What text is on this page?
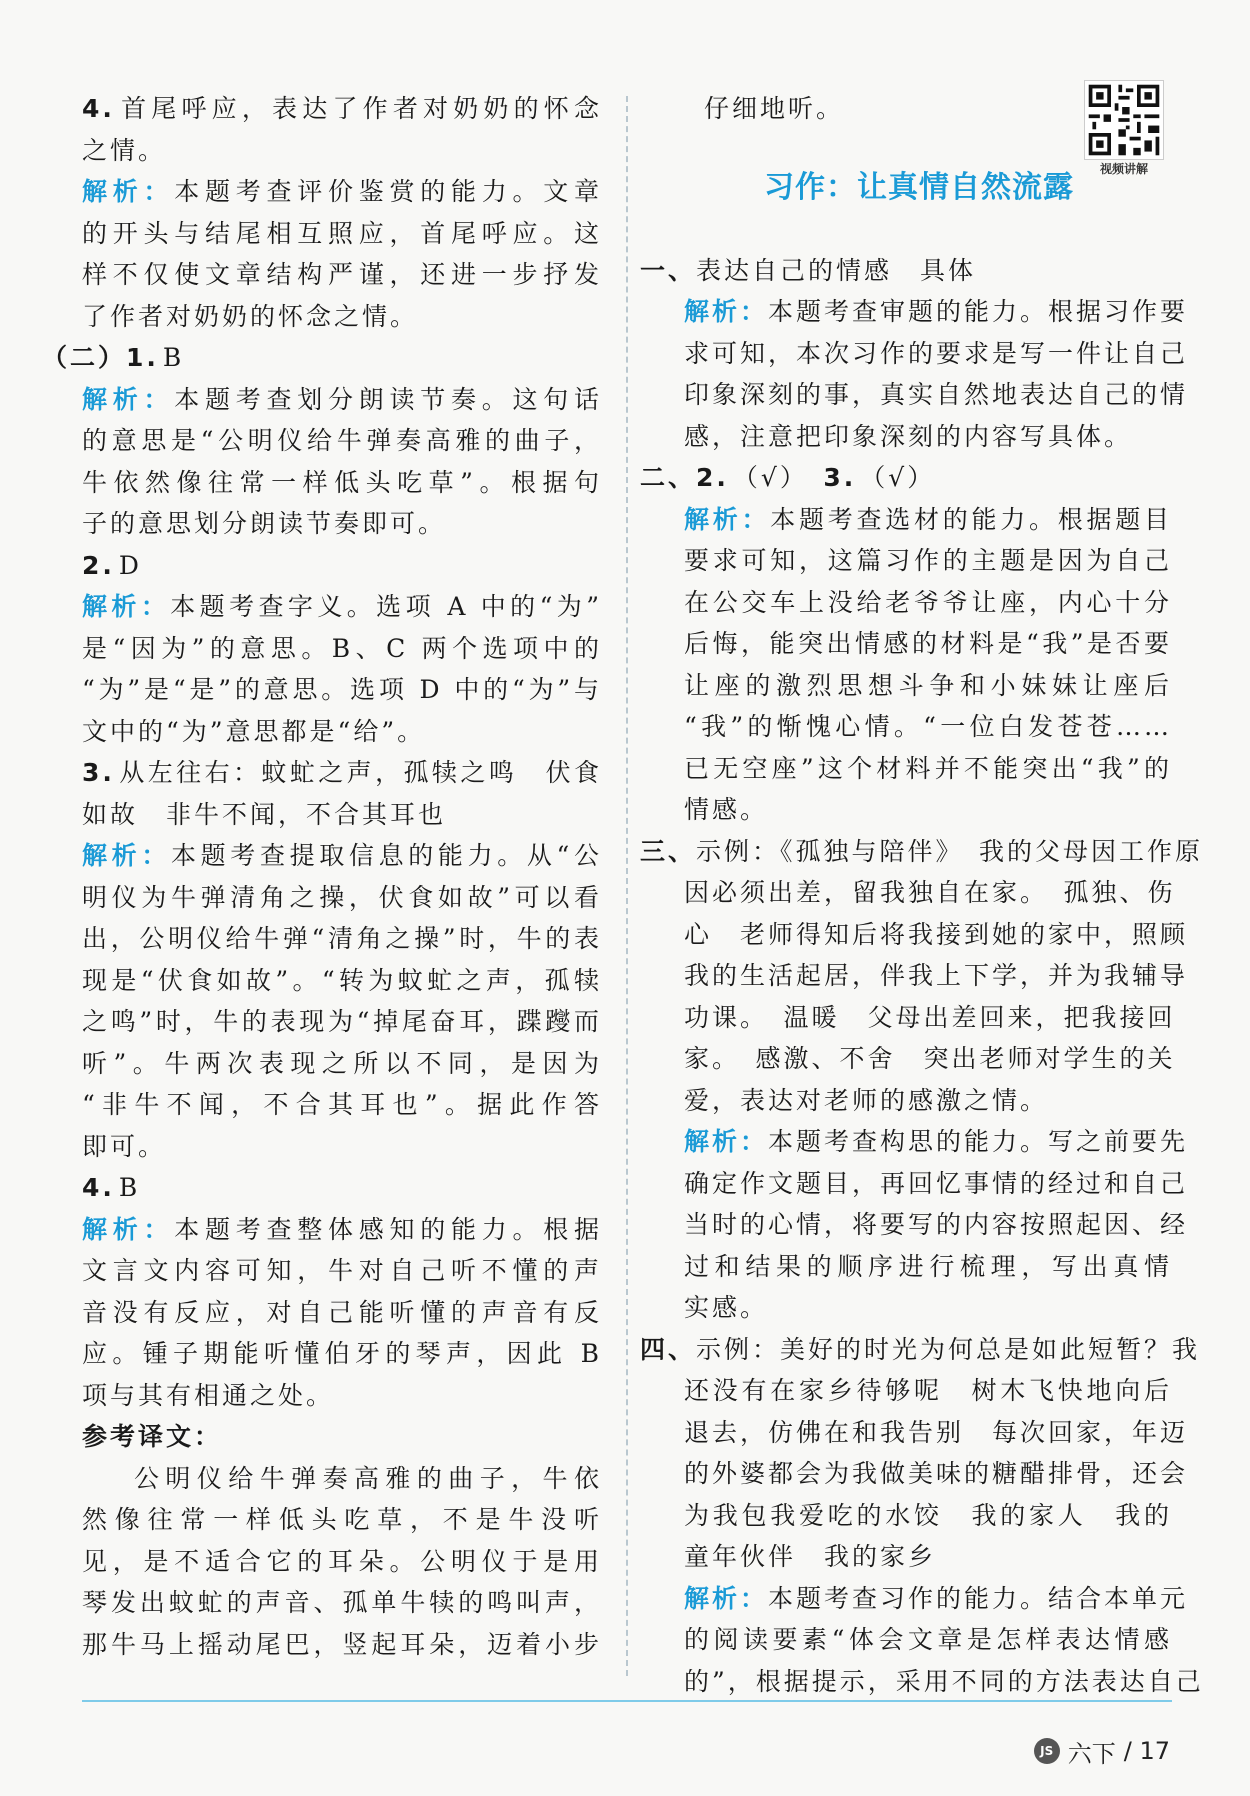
4. 首尾呼应，表达了作者对奶奶的怀念

之情。

解析：本题考查评价鉴赏的能力。文章

的开头与结尾相互照应，首尾呼应。这

样不仅使文章结构严谨，还进一步抒发

了作者对奶奶的怀念之情。

（二）1. B

解析：本题考查划分朗读节奏。这句话

的意思是“公明仪给牛弹奏高雅的曲子，

牛依然像往常一样低头吃草”。根据句

子的意思划分朗读节奏即可。

2. D

解析：本题考查字义。选项 A 中的“为”

是“因为”的意思。B、C 两个选项中的

“为”是“是”的意思。选项 D 中的“为”与

文中的“为”意思都是“给”。

3. 从左往右：蚊虻之声，孤犊之鸣　伏食

如故　非牛不闻，不合其耳也

解析：本题考查提取信息的能力。从“公

明仪为牛弹清角之操，伏食如故”可以看

出，公明仪给牛弹“清角之操”时，牛的表

现是“伏食如故”。“转为蚊虻之声，孤犊

之鸣”时，牛的表现为“掉尾奋耳，蹀躞而

听”。牛两次表现之所以不同，是因为

“非牛不闻，不合其耳也”。据此作答

即可。

4. B

解析：本题考查整体感知的能力。根据

文言文内容可知，牛对自己听不懂的声

音没有反应，对自己能听懂的声音有反

应。锺子期能听懂伯牙的琴声，因此 B

项与其有相通之处。

参考译文：

公明仪给牛弹奏高雅的曲子，牛依

然像往常一样低头吃草，不是牛没听

见，是不适合它的耳朵。公明仪于是用

琴发出蚊虻的声音、孤单牛犊的鸣叫声，

那牛马上摇动尾巴，竖起耳朵，迈着小步

仔细地听。

习作：让真情自然流露
视频讲解

一、表达自己的情感　具体

解析：本题考查审题的能力。根据习作要

求可知，本次习作的要求是写一件让自己

印象深刻的事，真实自然地表达自己的情

感，注意把印象深刻的内容写具体。

二、2. （√）　 3. （√）

解析：本题考查选材的能力。根据题目

要求可知，这篇习作的主题是因为自己

在公交车上没给老爷爷让座，内心十分

后悔，能突出情感的材料是“我”是否要

让座的激烈思想斗争和小妹妹让座后

“我”的惭愧心情。“一位白发苍苍……

已无空座”这个材料并不能突出“我”的

情感。

三、示例：《孤独与陪伴》　我的父母因工作原

因必须出差，留我独自在家。　孤独、伤

心　老师得知后将我接到她的家中，照顾

我的生活起居，伴我上下学，并为我辅导

功课。　温暖　父母出差回来，把我接回

家。　感激、不舍　突出老师对学生的关

爱，表达对老师的感激之情。

解析：本题考查构思的能力。写之前要先

确定作文题目，再回忆事情的经过和自己

当时的心情，将要写的内容按照起因、经

过和结果的顺序进行梳理，写出真情

实感。

四、示例：美好的时光为何总是如此短暂？我

还没有在家乡待够呢　树木飞快地向后

退去，仿佛在和我告别　每次回家，年迈

的外婆都会为我做美味的糖醋排骨，还会

为我包我爱吃的水饺　我的家人　我的

童年伙伴　我的家乡

解析：本题考查习作的能力。结合本单元

的阅读要素“体会文章是怎样表达情感

的”，根据提示，采用不同的方法表达自己

JS 六下 / 17
